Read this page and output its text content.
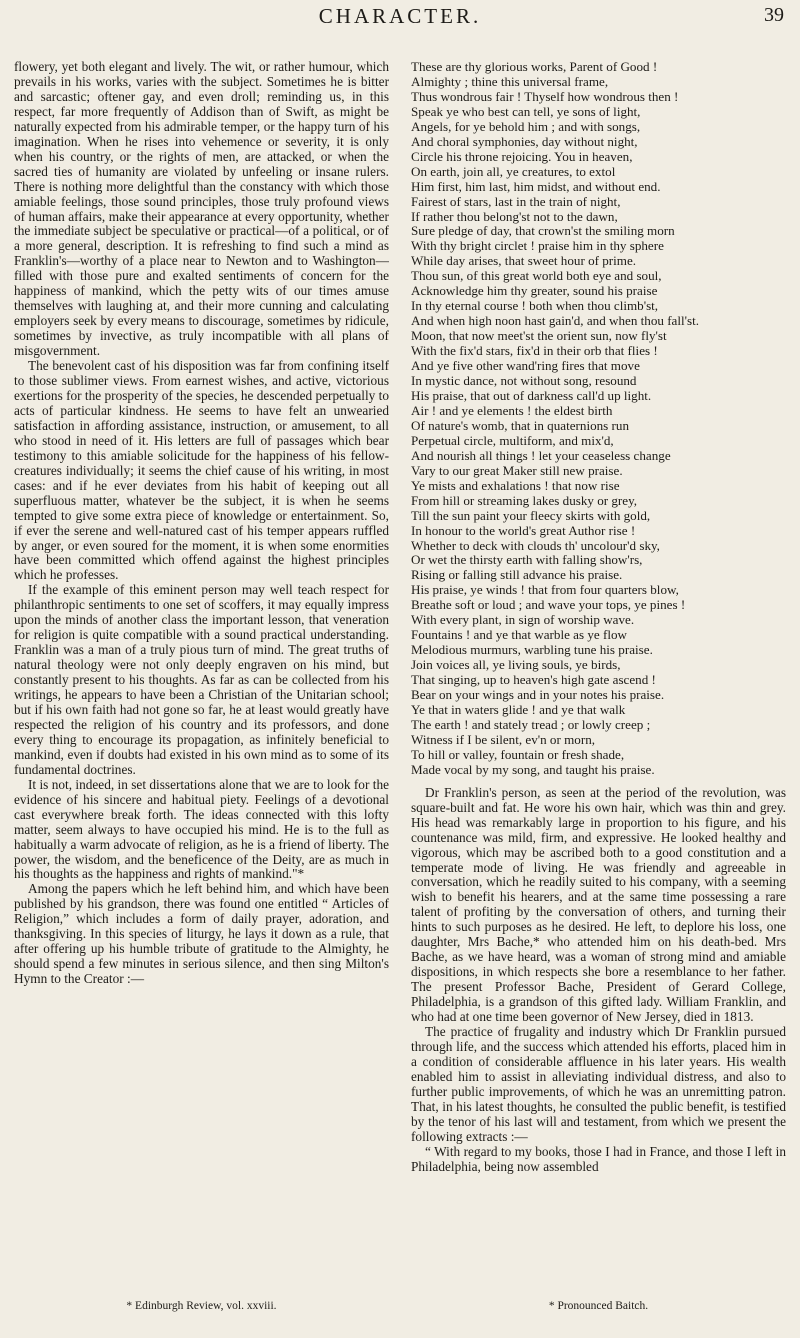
CHARACTER.	39

flowery, yet both elegant and lively. The wit, or rather humour, which prevails in his works, varies with the subject. Sometimes he is bitter and sarcastic; oftener gay, and even droll; reminding us, in this respect, far more frequently of Addison than of Swift, as might be naturally expected from his admirable temper, or the happy turn of his imagination. When he rises into vehemence or severity, it is only when his country, or the rights of men, are attacked, or when the sacred ties of humanity are violated by unfeeling or insane rulers. There is nothing more delightful than the constancy with which those amiable feelings, those sound principles, those truly profound views of human affairs, make their appearance at every opportunity, whether the immediate subject be speculative or practical—of a political, or of a more general, description. It is refreshing to find such a mind as Franklin's—worthy of a place near to Newton and to Washington—filled with those pure and exalted sentiments of concern for the happiness of mankind, which the petty wits of our times amuse themselves with laughing at, and their more cunning and calculating employers seek by every means to discourage, sometimes by ridicule, sometimes by invective, as truly incompatible with all plans of misgovernment.

The benevolent cast of his disposition was far from confining itself to those sublimer views. From earnest wishes, and active, victorious exertions for the prosperity of the species, he descended perpetually to acts of particular kindness. He seems to have felt an unwearied satisfaction in affording assistance, instruction, or amusement, to all who stood in need of it. His letters are full of passages which bear testimony to this amiable solicitude for the happiness of his fellow-creatures individually; it seems the chief cause of his writing, in most cases: and if he ever deviates from his habit of keeping out all superfluous matter, whatever be the subject, it is when he seems tempted to give some extra piece of knowledge or entertainment. So, if ever the serene and well-natured cast of his temper appears ruffled by anger, or even soured for the moment, it is when some enormities have been committed which offend against the highest principles which he professes.

If the example of this eminent person may well teach respect for philanthropic sentiments to one set of scoffers, it may equally impress upon the minds of another class the important lesson, that veneration for religion is quite compatible with a sound practical understanding. Franklin was a man of a truly pious turn of mind. The great truths of natural theology were not only deeply engraven on his mind, but constantly present to his thoughts. As far as can be collected from his writings, he appears to have been a Christian of the Unitarian school; but if his own faith had not gone so far, he at least would greatly have respected the religion of his country and its professors, and done every thing to encourage its propagation, as infinitely beneficial to mankind, even if doubts had existed in his own mind as to some of its fundamental doctrines.

It is not, indeed, in set dissertations alone that we are to look for the evidence of his sincere and habitual piety. Feelings of a devotional cast everywhere break forth. The ideas connected with this lofty matter, seem always to have occupied his mind. He is to the full as habitually a warm advocate of religion, as he is a friend of liberty. The power, the wisdom, and the beneficence of the Deity, are as much in his thoughts as the happiness and rights of mankind."*

Among the papers which he left behind him, and which have been published by his grandson, there was found one entitled “ Articles of Religion,” which includes a form of daily prayer, adoration, and thanksgiving. In this species of liturgy, he lays it down as a rule, that after offering up his humble tribute of gratitude to the Almighty, he should spend a few minutes in serious silence, and then sing Milton's Hymn to the Creator :—

These are thy glorious works, Parent of Good !
Almighty ; thine this universal frame,
Thus wondrous fair ! Thyself how wondrous then !
Speak ye who best can tell, ye sons of light,
Angels, for ye behold him ; and with songs,
And choral symphonies, day without night,
Circle his throne rejoicing. You in heaven,
On earth, join all, ye creatures, to extol
Him first, him last, him midst, and without end.
Fairest of stars, last in the train of night,
If rather thou belong'st not to the dawn,
Sure pledge of day, that crown'st the smiling morn
With thy bright circlet ! praise him in thy sphere
While day arises, that sweet hour of prime.
Thou sun, of this great world both eye and soul,
Acknowledge him thy greater, sound his praise
In thy eternal course ! both when thou climb'st,
And when high noon hast gain'd, and when thou fall'st.
Moon, that now meet'st the orient sun, now fly'st
With the fix'd stars, fix'd in their orb that flies !
And ye five other wand'ring fires that move
In mystic dance, not without song, resound
His praise, that out of darkness call'd up light.
Air ! and ye elements ! the eldest birth
Of nature's womb, that in quaternions run
Perpetual circle, multiform, and mix'd,
And nourish all things ! let your ceaseless change
Vary to our great Maker still new praise.
Ye mists and exhalations ! that now rise
From hill or streaming lakes dusky or grey,
Till the sun paint your fleecy skirts with gold,
In honour to the world's great Author rise !
Whether to deck with clouds th' uncolour'd sky,
Or wet the thirsty earth with falling show'rs,
Rising or falling still advance his praise.
His praise, ye winds ! that from four quarters blow,
Breathe soft or loud ; and wave your tops, ye pines !
With every plant, in sign of worship wave.
Fountains ! and ye that warble as ye flow
Melodious murmurs, warbling tune his praise.
Join voices all, ye living souls, ye birds,
That singing, up to heaven's high gate ascend !
Bear on your wings and in your notes his praise.
Ye that in waters glide ! and ye that walk
The earth ! and stately tread ; or lowly creep ;
Witness if I be silent, ev'n or morn,
To hill or valley, fountain or fresh shade,
Made vocal by my song, and taught his praise.

Dr Franklin's person, as seen at the period of the revolution, was square-built and fat. He wore his own hair, which was thin and grey. His head was remarkably large in proportion to his figure, and his countenance was mild, firm, and expressive. He looked healthy and vigorous, which may be ascribed both to a good constitution and a temperate mode of living. He was friendly and agreeable in conversation, which he readily suited to his company, with a seeming wish to benefit his hearers, and at the same time possessing a rare talent of profiting by the conversation of others, and turning their hints to such purposes as he desired. He left, to deplore his loss, one daughter, Mrs Bache,* who attended him on his death-bed. Mrs Bache, as we have heard, was a woman of strong mind and amiable dispositions, in which respects she bore a resemblance to her father. The present Professor Bache, President of Gerard College, Philadelphia, is a grandson of this gifted lady. William Franklin, and who had at one time been governor of New Jersey, died in 1813.

The practice of frugality and industry which Dr Franklin pursued through life, and the success which attended his efforts, placed him in a condition of considerable affluence in his later years. His wealth enabled him to assist in alleviating individual distress, and also to further public improvements, of which he was an unremitting patron. That, in his latest thoughts, he consulted the public benefit, is testified by the tenor of his last will and testament, from which we present the following extracts :—

“ With regard to my books, those I had in France, and those I left in Philadelphia, being now assembled

* Edinburgh Review, vol. xxviii.	* Pronounced Baitch.
